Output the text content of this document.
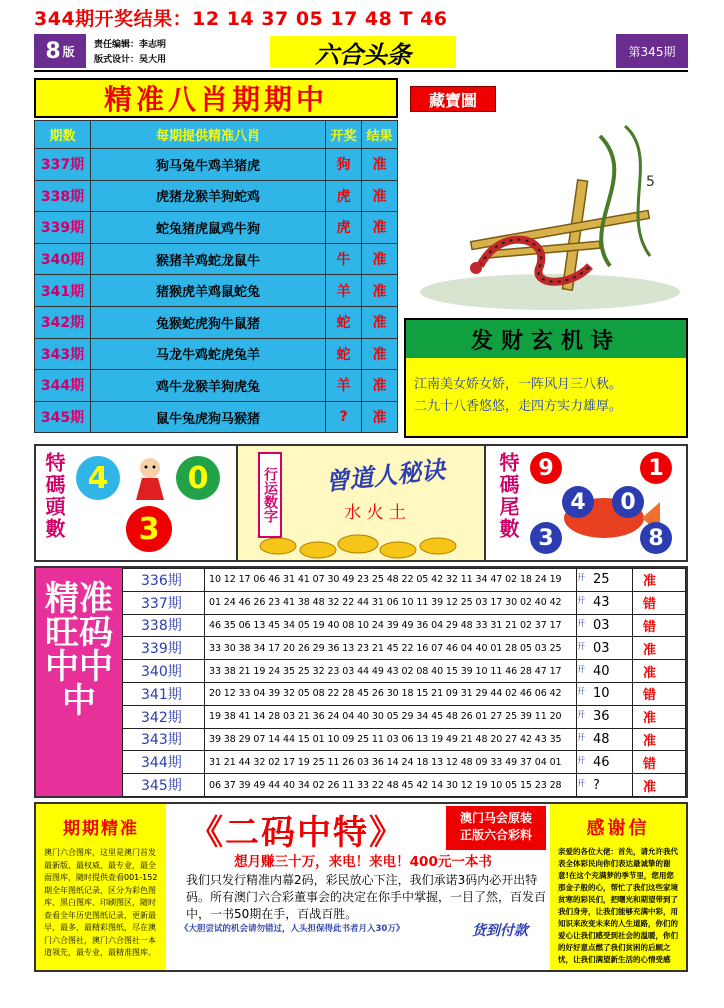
344期开奖结果：12 14 37 05 17 48 T 46
8 版 责任编辑：李志明
版式设计：吴大用	六合头条	第345期
精准八肖期期中	藏寶圖
期数	每期提供精准八肖	开奖	结果
337期	狗马兔牛鸡羊猪虎	狗	准
338期	虎猪龙猴羊狗蛇鸡	虎	准
339期	蛇兔猪虎鼠鸡牛狗	虎	准
340期	猴猪羊鸡蛇龙鼠牛	牛	准
341期	猪猴虎羊鸡鼠蛇兔	羊	准
342期	兔猴蛇虎狗牛鼠猪	蛇	准
343期	马龙牛鸡蛇虎兔羊	蛇	准
344期	鸡牛龙猴羊狗虎兔	羊	准
345期	鼠牛兔虎狗马猴猪	?	准
5
发财玄机诗
江南美女娇女娇，一阵风月三八秋。
二九十八香悠悠，走四方实力雄厚。
特碼頭數 4	0
3
行运数字	曾道人秘诀
水 火 土	特碼尾數 9	1
4	0
3	8
精准旺码中中中
336期	10 12 17 06 46 31 41 07 30 49 23 25 48 22 05 42 32 11 34 47 02 18 24 19	$^开$ 25	准
337期	01 24 46 26 23 41 38 48 32 22 44 31 06 10 11 39 12 25 03 17 30 02 40 42	$^开$ 43	错
338期	46 35 06 13 45 34 05 19 40 08 10 24 39 49 36 04 29 48 33 31 21 02 37 17	$^开$ 03	错
339期	33 30 38 34 17 20 26 29 36 13 23 21 45 22 16 07 46 04 40 01 28 05 03 25	$^开$ 03	准
340期	33 38 21 19 24 35 25 32 23 03 44 49 43 02 08 40 15 39 10 11 46 28 47 17	$^开$ 40	准
341期	20 12 33 04 39 32 05 08 22 28 45 26 30 18 15 21 09 31 29 44 02 46 06 42	$^开$ 10	错
342期	19 38 41 14 28 03 21 36 24 04 40 30 05 29 34 45 48 26 01 27 25 39 11 20	$^开$ 36	准
343期	39 38 29 07 14 44 15 01 10 09 25 11 03 06 13 19 49 21 48 20 27 42 43 35	$^开$ 48	准
344期	31 21 44 32 02 17 19 25 11 26 03 36 14 24 18 13 12 48 09 33 49 37 04 01	$^开$ 46	错
345期	06 37 39 49 44 40 34 02 26 11 33 22 48 45 42 14 30 12 19 10 05 15 23 28	$^开$ ?	准
期期精准

澳门六合图库，这里是澳门首发最新版、最权威、最专业，最全面图库，随时提供查看001-152期全年图纸记录，区分为彩色图库、黑白图库、印刷图区，随时查看全年历史图纸记录，更新最早，最多，最精彩图纸，尽在澳门六合图社，澳门六合图社一本道领先，最专业，最精准图库。

《二码中特》	澳门马会原装
正版六合彩料
想月赚三十万，来电！来电！400元一本书
我们只发行精准内幕2码，彩民放心下注，我们承诺3码内必开出特码。所有澳门六合彩董事会的决定在你手中掌握，一目了然，百发百中，一书50期在手，百战百胜。
《大胆尝试的机会请勿错过，人头担保得此书者月入30万》	货到付款
感谢信

亲爱的各位大佬：首先，请允许我代表全体彩民向你们表达最诚挚的谢意!在这个充满梦的季节里，您用您那金子般的心，帮忙了我们这些家境贫寒的彩民们，把曙光和期望带到了我们身旁，让我们能够充满中彩，用知识来改变未来的人生道路，你们的爱心让我们感受到社会的温暖，你们的好好意点燃了我们贫困的后顾之忧，让我们满望新生活的心情受感
